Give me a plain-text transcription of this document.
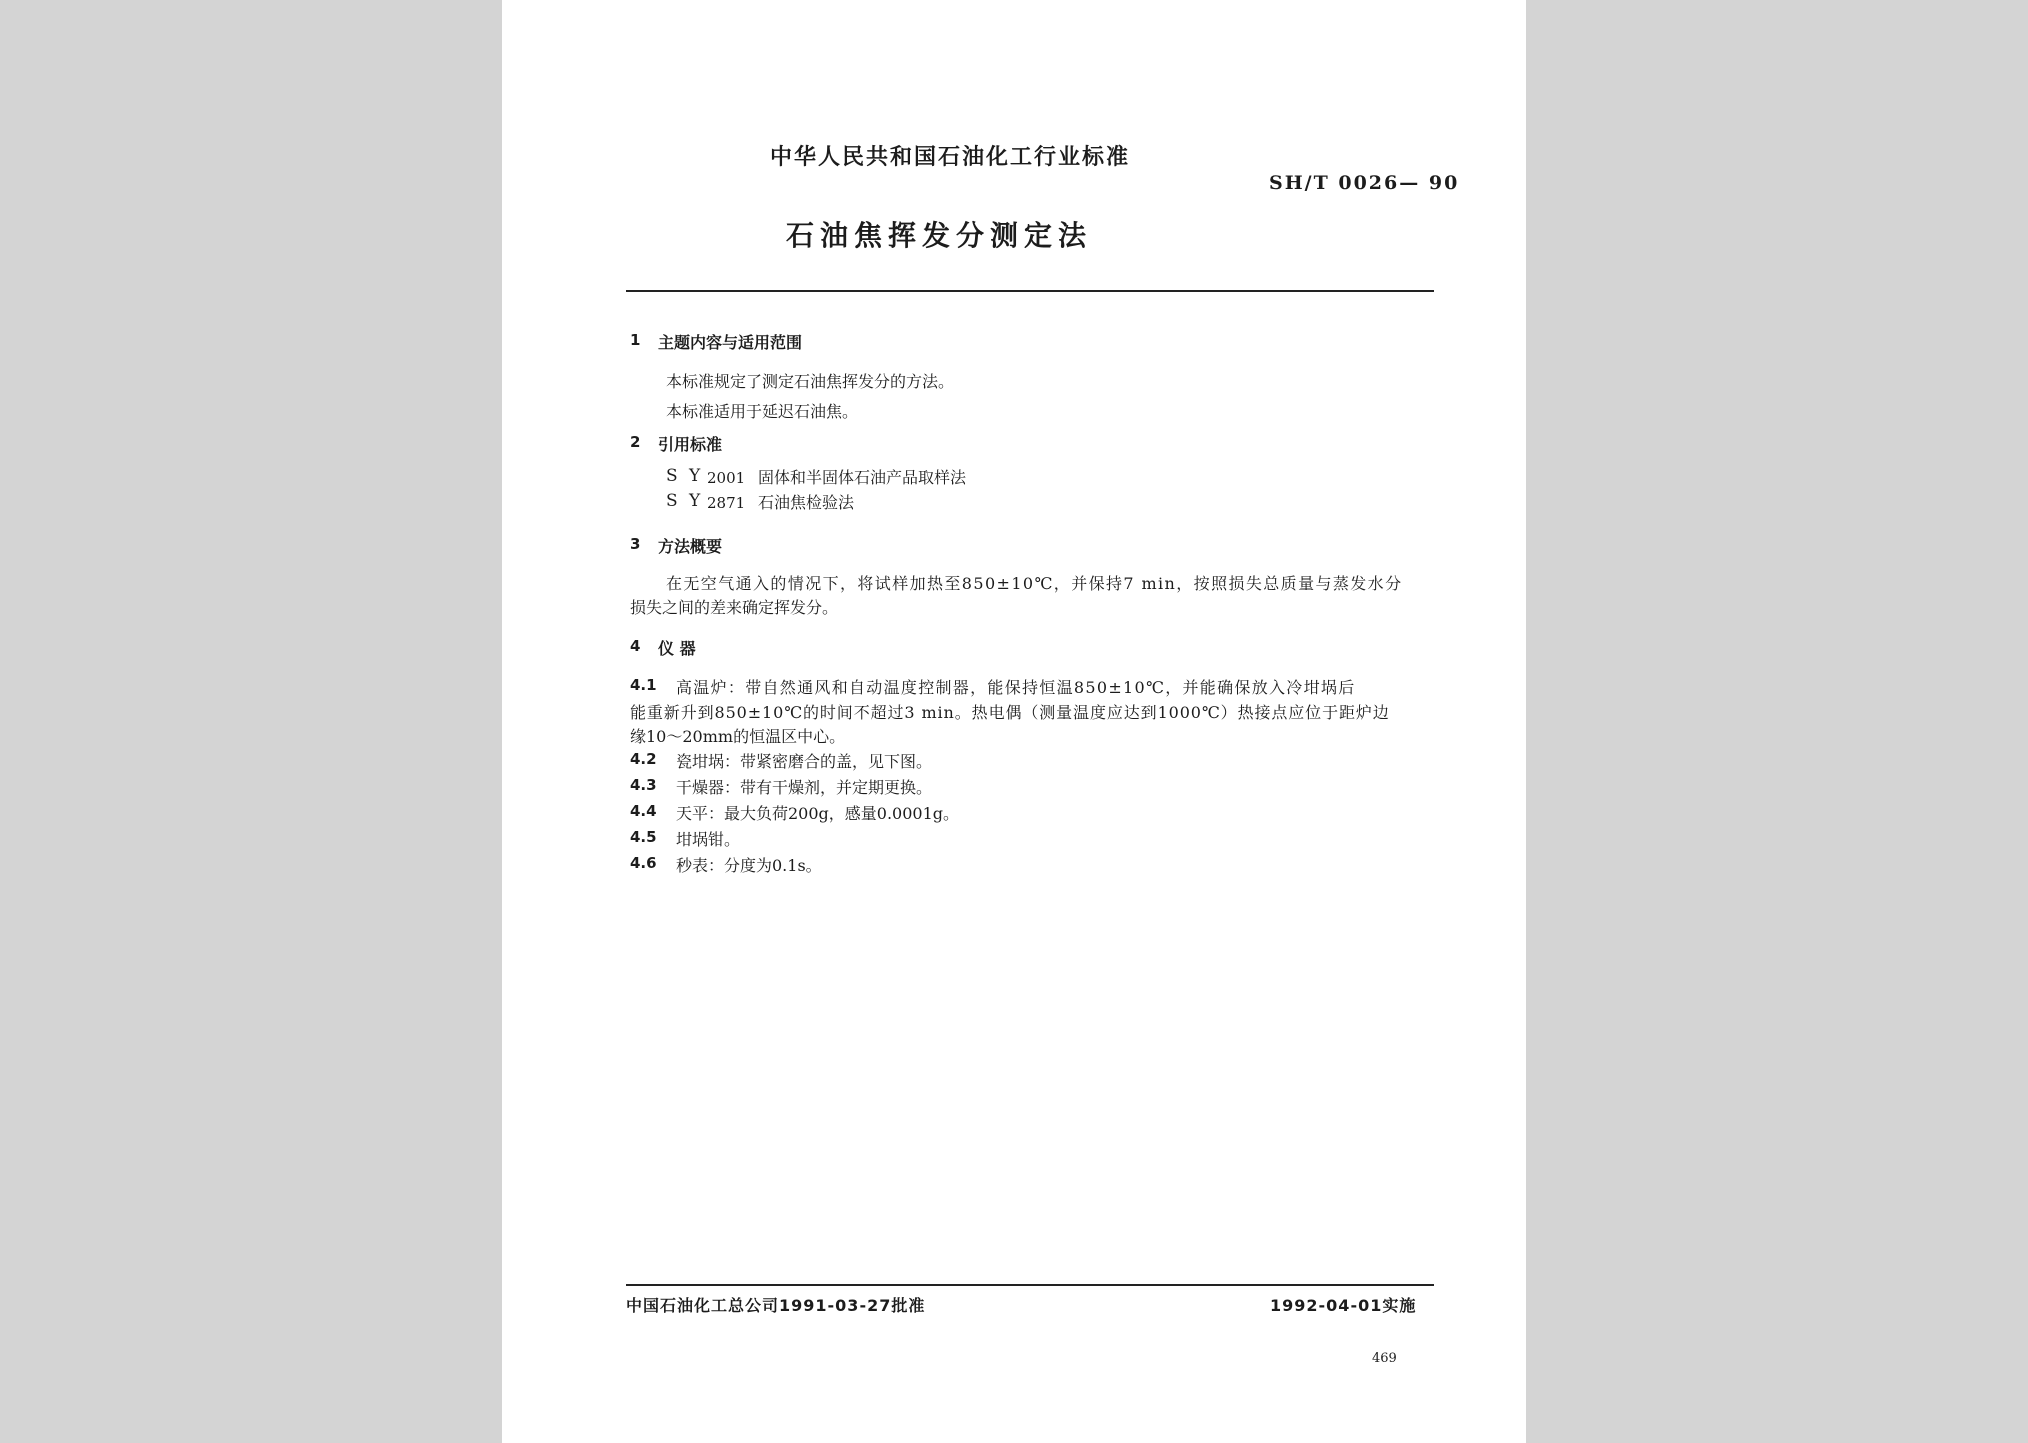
中华人民共和国石油化工行业标准
SH/T 0026— 90
石油焦挥发分测定法
1 主题内容与适用范围
本标准规定了测定石油焦挥发分的方法。
本标准适用于延迟石油焦。
2 引用标准
S Y 2001 固体和半固体石油产品取样法
S Y 2871 石油焦检验法
3 方法概要
在无空气通入的情况下，将试样加热至850±10℃，并保持7 min，按照损失总质量与蒸发水分
损失之间的差来确定挥发分。
4 仪 器
4.1 高温炉：带自然通风和自动温度控制器，能保持恒温850±10℃，并能确保放入冷坩埚后
能重新升到850±10℃的时间不超过3 min。热电偶（测量温度应达到1000℃）热接点应位于距炉边
缘10～20mm的恒温区中心。
4.2 瓷坩埚：带紧密磨合的盖，见下图。
4.3 干燥器：带有干燥剂，并定期更换。
4.4 天平：最大负荷200g，感量0.0001g。
4.5 坩埚钳。
4.6 秒表：分度为0.1s。
中国石油化工总公司1991-03-27批准	1992-04-01实施
469
